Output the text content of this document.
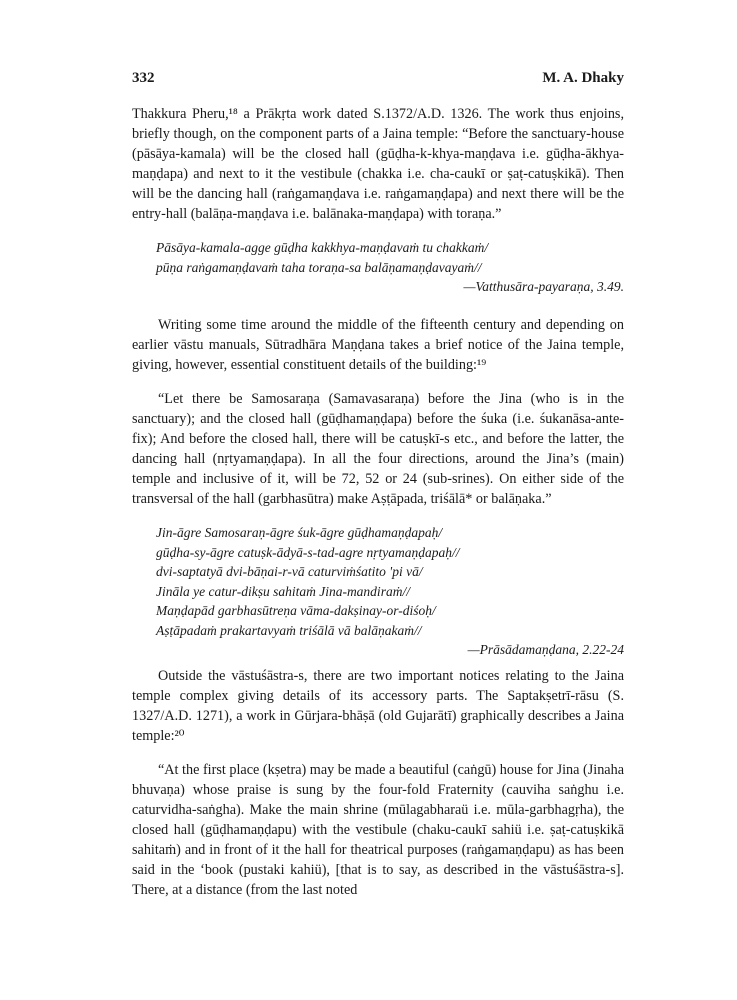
332	M. A. Dhaky

Thakkura Pheru,¹⁸ a Prākṛta work dated S.1372/A.D. 1326. The work thus enjoins, briefly though, on the component parts of a Jaina temple: “Before the sanctuary-house (pāsāya-kamala) will be the closed hall (gūḍha-k-khya-maṇḍava i.e. gūḍha-ākhya-maṇḍapa) and next to it the vestibule (chakka i.e. cha-caukī or ṣaṭ-catuṣkikā). Then will be the dancing hall (raṅgamaṇḍava i.e. raṅgamaṇḍapa) and next there will be the entry-hall (balāṇa-maṇḍava i.e. balānaka-maṇḍapa) with toraṇa.”

Pāsāya-kamala-agge gūḍha kakkhya-maṇḍavaṁ tu chakkaṁ/
pūṇa raṅgamaṇḍavaṁ taha toraṇa-sa balāṇamaṇḍavayaṁ//

—Vatthusāra-payaraṇa, 3.49.

Writing some time around the middle of the fifteenth century and depending on earlier vāstu manuals, Sūtradhāra Maṇḍana takes a brief notice of the Jaina temple, giving, however, essential constituent details of the building:¹⁹

“Let there be Samosaraṇa (Samavasaraṇa) before the Jina (who is in the sanctuary); and the closed hall (gūḍhamaṇḍapa) before the śuka (i.e. śukanāsa-ante-fix); And before the closed hall, there will be catuṣkī-s etc., and before the latter, the dancing hall (nṛtyamaṇḍapa). In all the four directions, around the Jina’s (main) temple and inclusive of it, will be 72, 52 or 24 (sub-srines). On either side of the transversal of the hall (garbhasūtra) make Aṣṭāpada, triśālā* or balāṇaka.”

Jin-āgre Samosaraṇ-āgre śuk-āgre gūḍhamaṇḍapaḥ/
gūḍha-sy-āgre catuṣk-ādyā-s-tad-agre nṛtyamaṇḍapaḥ//
dvi-saptatyā dvi-bāṇai-r-vā caturviṁśatito 'pi vā/
Jināla ye catur-dikṣu sahitaṁ Jina-mandiraṁ//
Maṇḍapād garbhasūtreṇa vāma-dakṣinay-or-diśoḥ/
Aṣṭāpadaṁ prakartavyaṁ triśālā vā balāṇakaṁ//

—Prāsādamaṇḍana, 2.22-24

Outside the vāstuśāstra-s, there are two important notices relating to the Jaina temple complex giving details of its accessory parts. The Saptakṣetrī-rāsu (S. 1327/A.D. 1271), a work in Gūrjara-bhāṣā (old Gujarātī) graphically describes a Jaina temple:²⁰

“At the first place (kṣetra) may be made a beautiful (caṅgū) house for Jina (Jinaha bhuvaṇa) whose praise is sung by the four-fold Fraternity (cauviha saṅghu i.e. caturvidha-saṅgha). Make the main shrine (mūlagabharaü i.e. mūla-garbhagṛha), the closed hall (gūḍhamaṇḍapu) with the vestibule (chaku-caukī sahiü i.e. ṣaṭ-catuṣkikā sahitaṁ) and in front of it the hall for theatrical purposes (raṅgamaṇḍapu) as has been said in the ‘book (pustaki kahiü), [that is to say, as described in the vāstuśāstra-s]. There, at a distance (from the last noted
